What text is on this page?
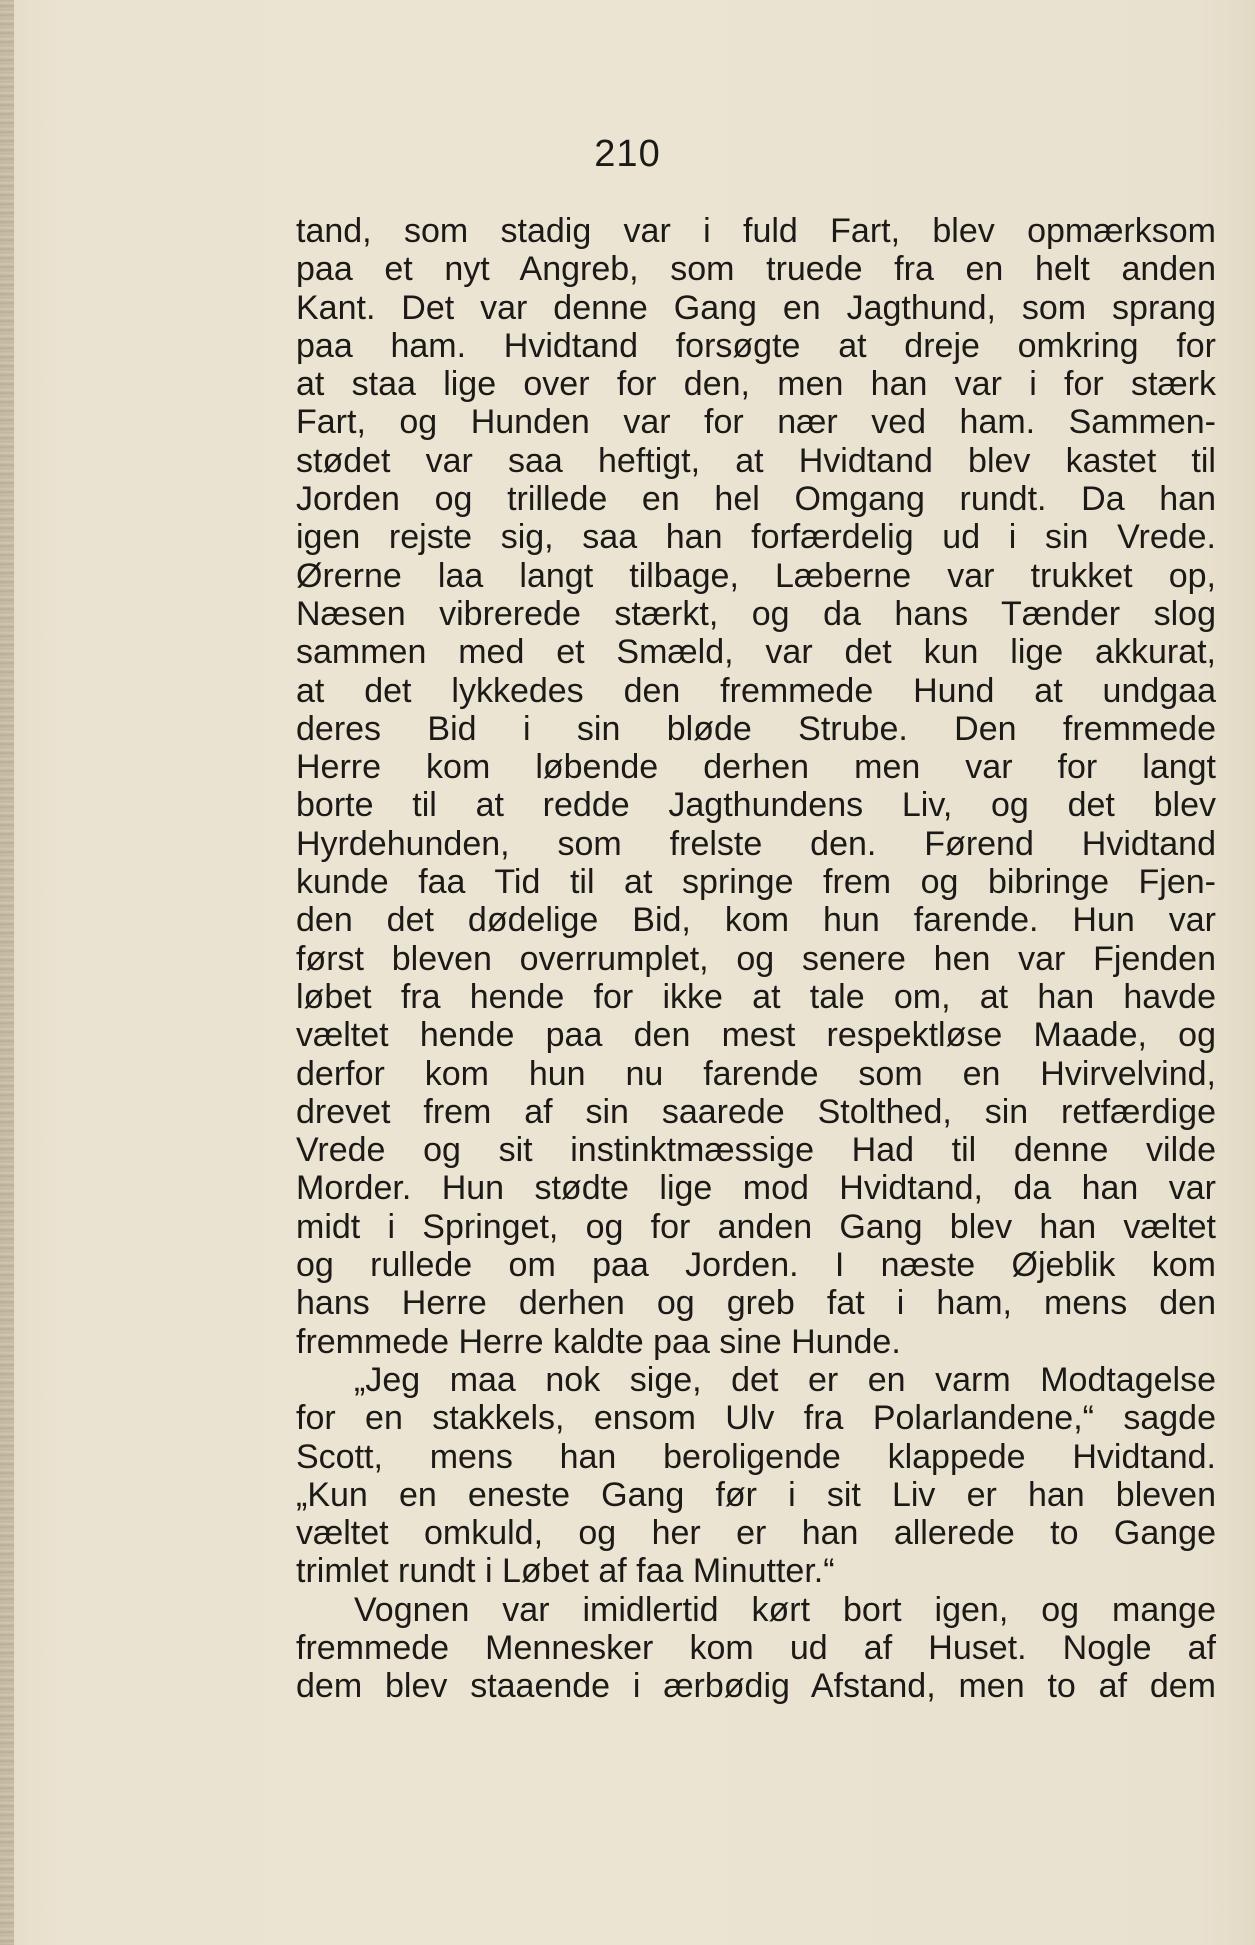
210
tand, som stadig var i fuld Fart, blev opmærksom
paa et nyt Angreb, som truede fra en helt anden
Kant. Det var denne Gang en Jagthund, som sprang
paa ham. Hvidtand forsøgte at dreje omkring for
at staa lige over for den, men han var i for stærk
Fart, og Hunden var for nær ved ham. Sammen-
stødet var saa heftigt, at Hvidtand blev kastet til
Jorden og trillede en hel Omgang rundt. Da han
igen rejste sig, saa han forfærdelig ud i sin Vrede.
Ørerne laa langt tilbage, Læberne var trukket op,
Næsen vibrerede stærkt, og da hans Tænder slog
sammen med et Smæld, var det kun lige akkurat,
at det lykkedes den fremmede Hund at undgaa
deres Bid i sin bløde Strube. Den fremmede
Herre kom løbende derhen men var for langt
borte til at redde Jagthundens Liv, og det blev
Hyrdehunden, som frelste den. Førend Hvidtand
kunde faa Tid til at springe frem og bibringe Fjen-
den det dødelige Bid, kom hun farende. Hun var
først bleven overrumplet, og senere hen var Fjenden
løbet fra hende for ikke at tale om, at han havde
væltet hende paa den mest respektløse Maade, og
derfor kom hun nu farende som en Hvirvelvind,
drevet frem af sin saarede Stolthed, sin retfærdige
Vrede og sit instinktmæssige Had til denne vilde
Morder. Hun stødte lige mod Hvidtand, da han var
midt i Springet, og for anden Gang blev han væltet
og rullede om paa Jorden. I næste Øjeblik kom
hans Herre derhen og greb fat i ham, mens den
fremmede Herre kaldte paa sine Hunde.
„Jeg maa nok sige, det er en varm Modtagelse
for en stakkels, ensom Ulv fra Polarlandene,“ sagde
Scott, mens han beroligende klappede Hvidtand.
„Kun en eneste Gang før i sit Liv er han bleven
væltet omkuld, og her er han allerede to Gange
trimlet rundt i Løbet af faa Minutter.“
Vognen var imidlertid kørt bort igen, og mange
fremmede Mennesker kom ud af Huset. Nogle af
dem blev staaende i ærbødig Afstand, men to af dem
